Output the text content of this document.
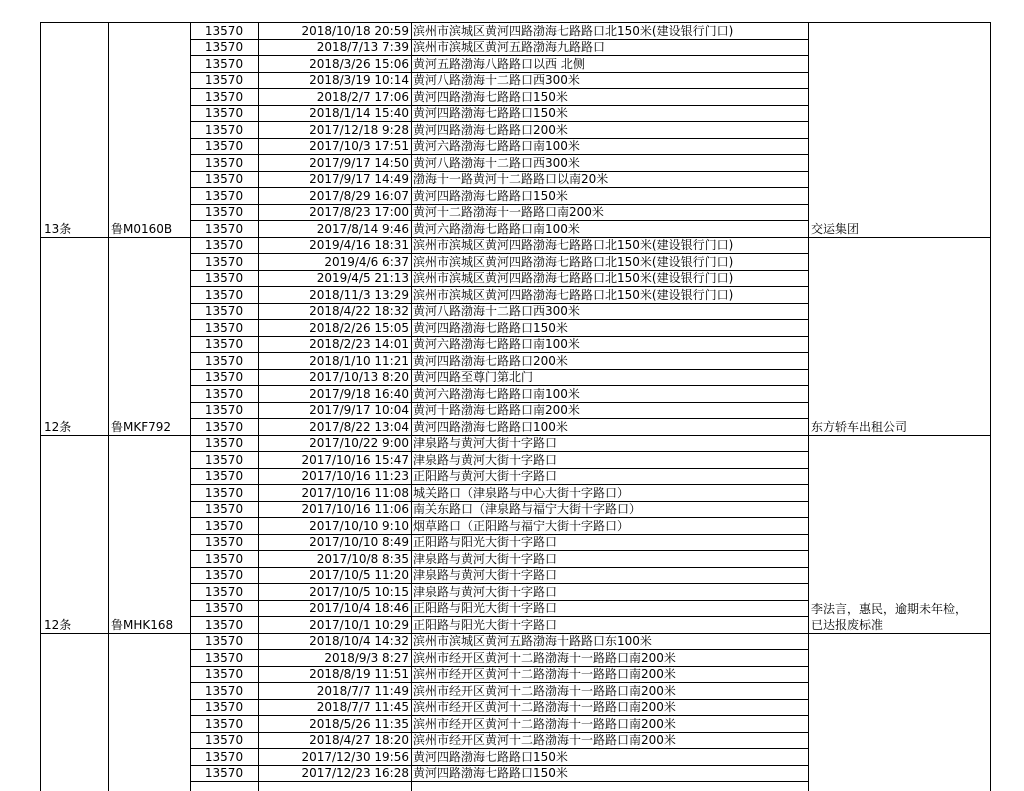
13570	2018/10/18 20:59 滨州市滨城区黄河四路渤海七路路口北150米(建设银行门口)
13570	2018/7/13 7:39 滨州市滨城区黄河五路渤海九路路口
13570	2018/3/26 15:06 黄河五路渤海八路路口以西 北侧
13570	2018/3/19 10:14 黄河八路渤海十二路口西300米
13570	2018/2/7 17:06 黄河四路渤海七路路口150米
13570	2018/1/14 15:40 黄河四路渤海七路路口150米
13570	2017/12/18 9:28 黄河四路渤海七路路口200米
13570	2017/10/3 17:51 黄河六路渤海七路路口南100米
13570	2017/9/17 14:50 黄河八路渤海十二路口西300米
13570	2017/9/17 14:49 渤海十一路黄河十二路路口以南20米
13570	2017/8/29 16:07 黄河四路渤海七路路口150米
13570	2017/8/23 17:00 黄河十二路渤海十一路路口南200米
13570	2017/8/14 9:46 黄河六路渤海七路路口南100米
13条	鲁M0160B	交运集团
13570	2019/4/16 18:31 滨州市滨城区黄河四路渤海七路路口北150米(建设银行门口)
13570	2019/4/6 6:37 滨州市滨城区黄河四路渤海七路路口北150米(建设银行门口)
13570	2019/4/5 21:13 滨州市滨城区黄河四路渤海七路路口北150米(建设银行门口)
13570	2018/11/3 13:29 滨州市滨城区黄河四路渤海七路路口北150米(建设银行门口)
13570	2018/4/22 18:32 黄河八路渤海十二路口西300米
13570	2018/2/26 15:05 黄河四路渤海七路路口150米
13570	2018/2/23 14:01 黄河六路渤海七路路口南100米
13570	2018/1/10 11:21 黄河四路渤海七路路口200米
13570	2017/10/13 8:20 黄河四路至尊门第北门
13570	2017/9/18 16:40 黄河六路渤海七路路口南100米
13570	2017/9/17 10:04 黄河十路渤海七路路口南200米
13570	2017/8/22 13:04 黄河四路渤海七路路口100米
12条	鲁MKF792	东方轿车出租公司
13570	2017/10/22 9:00 津泉路与黄河大街十字路口
13570	2017/10/16 15:47 津泉路与黄河大街十字路口
13570	2017/10/16 11:23 正阳路与黄河大街十字路口
13570	2017/10/16 11:08 城关路口（津泉路与中心大街十字路口）
13570	2017/10/16 11:06 南关东路口（津泉路与福宁大街十字路口）
13570	2017/10/10 9:10 烟草路口（正阳路与福宁大街十字路口）
13570	2017/10/10 8:49 正阳路与阳光大街十字路口
13570	2017/10/8 8:35 津泉路与黄河大街十字路口
13570	2017/10/5 11:20 津泉路与黄河大街十字路口
13570	2017/10/5 10:15 津泉路与黄河大街十字路口
13570	2017/10/4 18:46 正阳路与阳光大街十字路口
13570	2017/10/1 10:29 正阳路与阳光大街十字路口
12条	鲁MHK168
李法言，惠民，逾期未年检，
已达报废标准
13570	2018/10/4 14:32 滨州市滨城区黄河五路渤海十路路口东100米
13570	2018/9/3 8:27 滨州市经开区黄河十二路渤海十一路路口南200米
13570	2018/8/19 11:51 滨州市经开区黄河十二路渤海十一路路口南200米
13570	2018/7/7 11:49 滨州市经开区黄河十二路渤海十一路路口南200米
13570	2018/7/7 11:45 滨州市经开区黄河十二路渤海十一路路口南200米
13570	2018/5/26 11:35 滨州市经开区黄河十二路渤海十一路路口南200米
13570	2018/4/27 18:20 滨州市经开区黄河十二路渤海十一路路口南200米
13570	2017/12/30 19:56 黄河四路渤海七路路口150米
13570	2017/12/23 16:28 黄河四路渤海七路路口150米
